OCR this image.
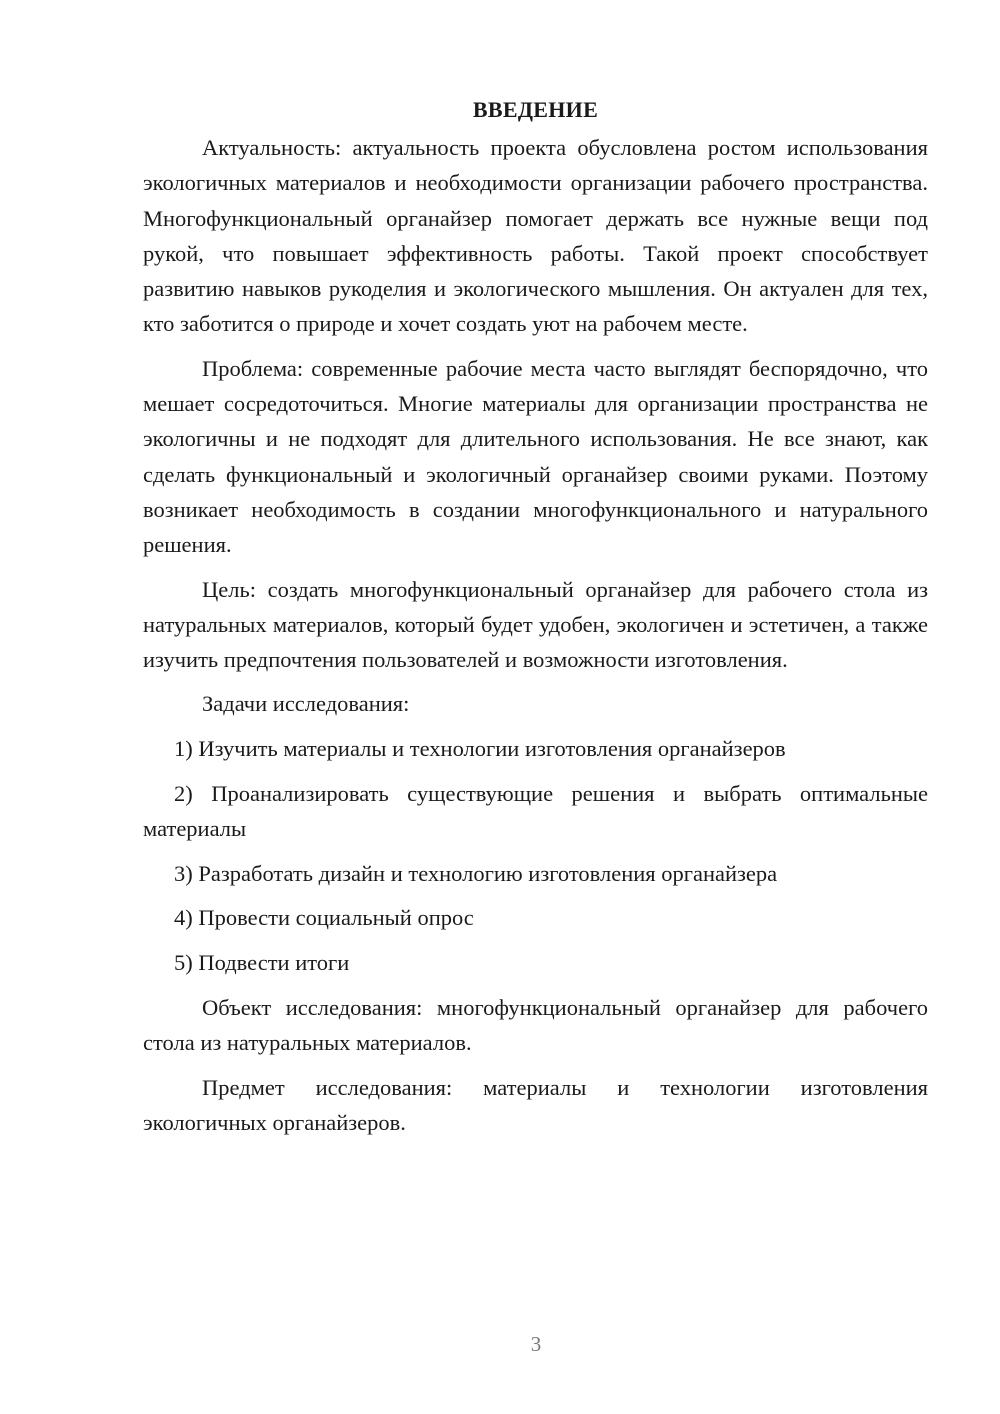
ВВЕДЕНИЕ

Актуальность: актуальность проекта обусловлена ростом использования экологичных материалов и необходимости организации рабочего пространства. Многофункциональный органайзер помогает держать все нужные вещи под рукой, что повышает эффективность работы. Такой проект способствует развитию навыков рукоделия и экологического мышления. Он актуален для тех, кто заботится о природе и хочет создать уют на рабочем месте.

Проблема: современные рабочие места часто выглядят беспорядочно, что мешает сосредоточиться. Многие материалы для организации пространства не экологичны и не подходят для длительного использования. Не все знают, как сделать функциональный и экологичный органайзер своими руками. Поэтому возникает необходимость в создании многофункционального и натурального решения.

Цель: создать многофункциональный органайзер для рабочего стола из натуральных материалов, который будет удобен, экологичен и эстетичен, а также изучить предпочтения пользователей и возможности изготовления.

Задачи исследования:

1) Изучить материалы и технологии изготовления органайзеров

2) Проанализировать существующие решения и выбрать оптимальные материалы

3) Разработать дизайн и технологию изготовления органайзера

4) Провести социальный опрос

5) Подвести итоги

Объект исследования: многофункциональный органайзер для рабочего стола из натуральных материалов.

Предмет исследования: материалы и технологии изготовления экологичных органайзеров.

3
